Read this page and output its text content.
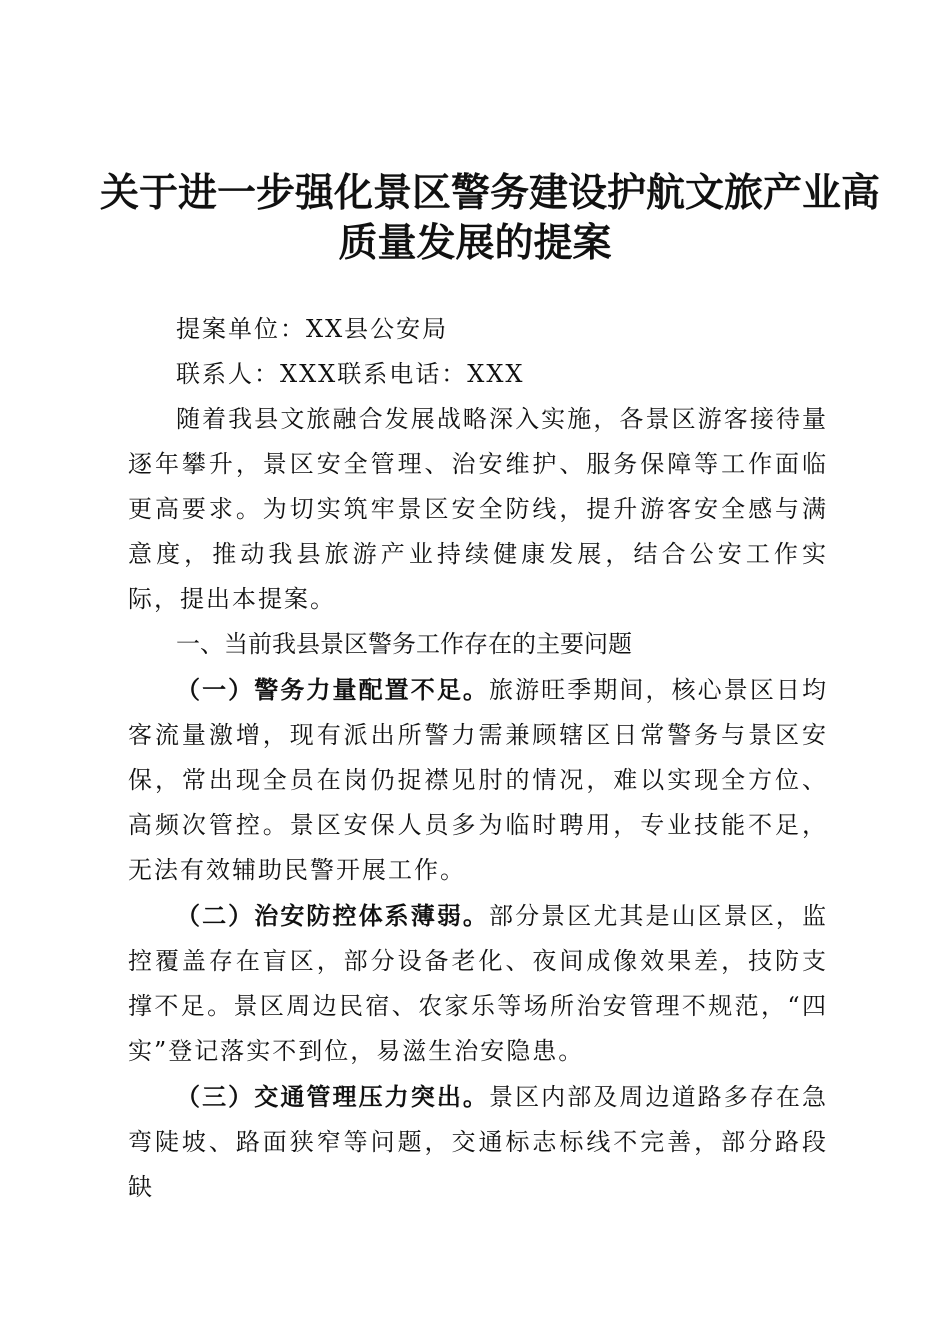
关于进一步强化景区警务建设护航文旅产业高
质量发展的提案

提案单位：XX县公安局

联系人：XXX联系电话：XXX

随着我县文旅融合发展战略深入实施，各景区游客接待量逐年攀升，景区安全管理、治安维护、服务保障等工作面临更高要求。为切实筑牢景区安全防线，提升游客安全感与满意度，推动我县旅游产业持续健康发展，结合公安工作实际，提出本提案。

一、当前我县景区警务工作存在的主要问题

（一）警务力量配置不足。旅游旺季期间，核心景区日均客流量激增，现有派出所警力需兼顾辖区日常警务与景区安保，常出现全员在岗仍捉襟见肘的情况，难以实现全方位、高频次管控。景区安保人员多为临时聘用，专业技能不足，无法有效辅助民警开展工作。

（二）治安防控体系薄弱。部分景区尤其是山区景区，监控覆盖存在盲区，部分设备老化、夜间成像效果差，技防支撑不足。景区周边民宿、农家乐等场所治安管理不规范，“四实”登记落实不到位，易滋生治安隐患。

（三）交通管理压力突出。景区内部及周边道路多存在急弯陡坡、路面狭窄等问题，交通标志标线不完善，部分路段缺
